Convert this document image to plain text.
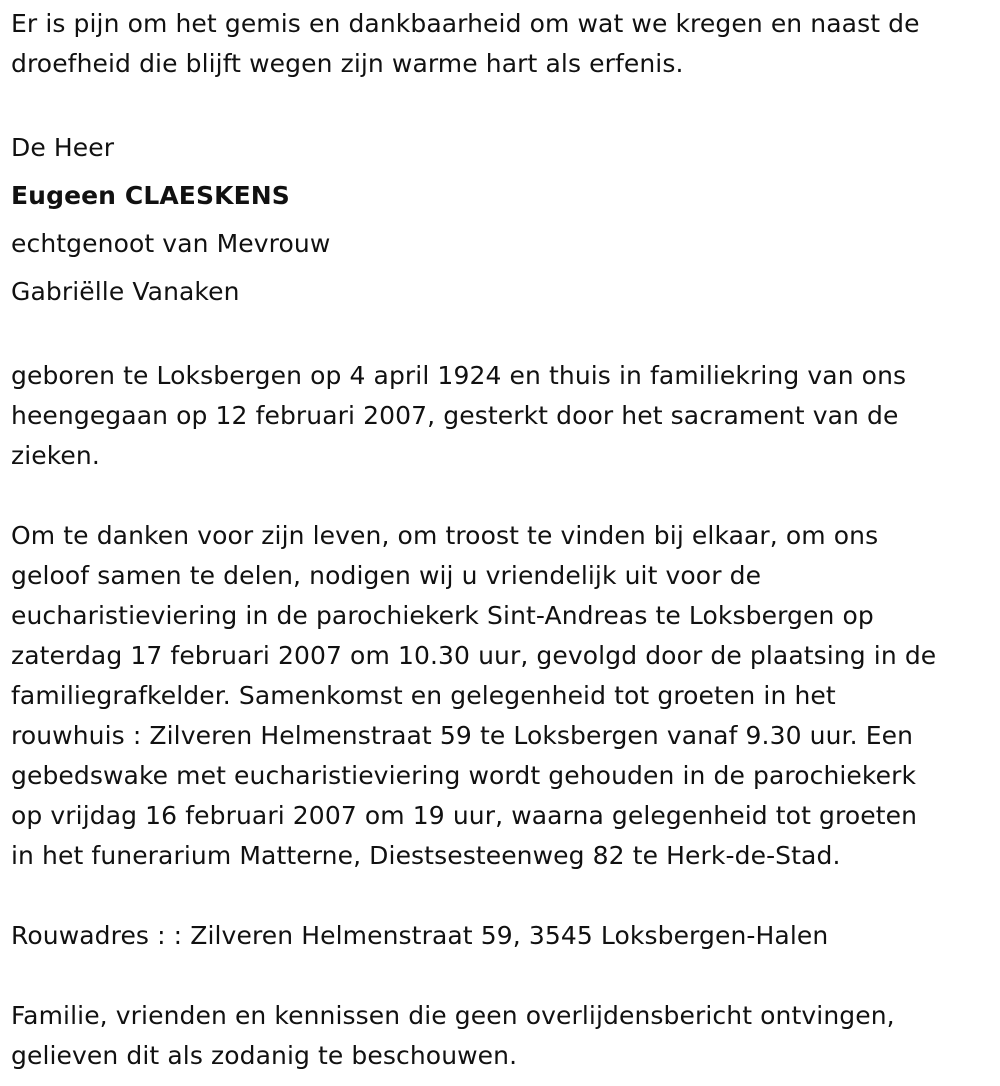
Er is pijn om het gemis en dankbaarheid om wat we kregen en naast de
droefheid die blijft wegen zijn warme hart als erfenis.

De Heer
Eugeen CLAESKENS
echtgenoot van Mevrouw
Gabriëlle Vanaken

geboren te Loksbergen op 4 april 1924 en thuis in familiekring van ons
heengegaan op 12 februari 2007, gesterkt door het sacrament van de
zieken.

Om te danken voor zijn leven, om troost te vinden bij elkaar, om ons
geloof samen te delen, nodigen wij u vriendelijk uit voor de
eucharistieviering in de parochiekerk Sint-Andreas te Loksbergen op
zaterdag 17 februari 2007 om 10.30 uur, gevolgd door de plaatsing in de
familiegrafkelder. Samenkomst en gelegenheid tot groeten in het
rouwhuis : Zilveren Helmenstraat 59 te Loksbergen vanaf 9.30 uur. Een
gebedswake met eucharistieviering wordt gehouden in de parochiekerk
op vrijdag 16 februari 2007 om 19 uur, waarna gelegenheid tot groeten
in het funerarium Matterne, Diestsesteenweg 82 te Herk-de-Stad.

Rouwadres : : Zilveren Helmenstraat 59, 3545 Loksbergen-Halen

Familie, vrienden en kennissen die geen overlijdensbericht ontvingen,
gelieven dit als zodanig te beschouwen.
